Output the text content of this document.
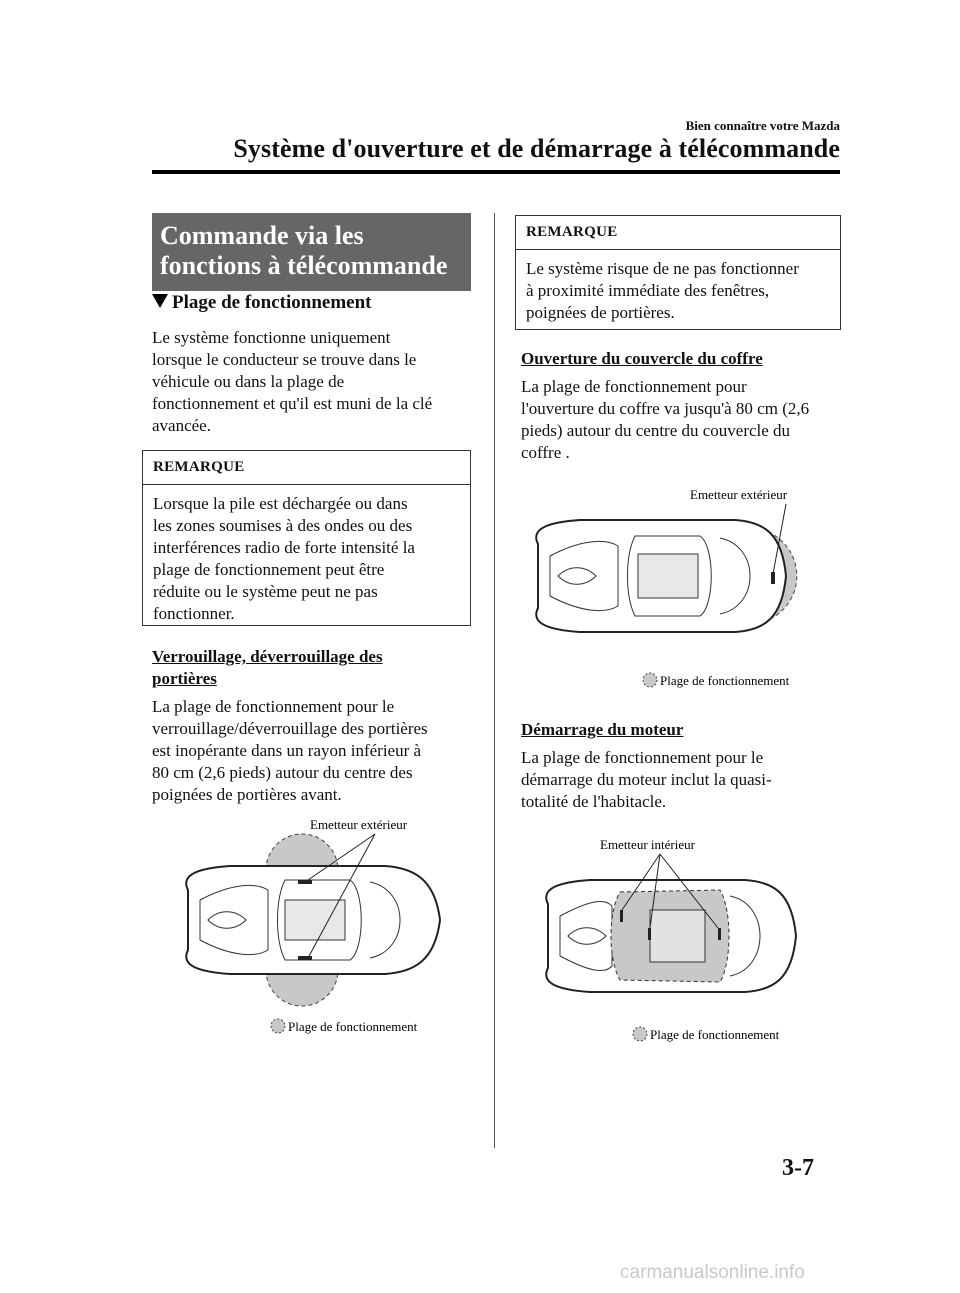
Bien connaître votre Mazda
Système d'ouverture et de démarrage à télécommande
Commande via les
fonctions à télécommande
Plage de fonctionnement
Le système fonctionne uniquement
lorsque le conducteur se trouve dans le
véhicule ou dans la plage de
fonctionnement et qu'il est muni de la clé
avancée.
REMARQUE
Lorsque la pile est déchargée ou dans
les zones soumises à des ondes ou des
interférences radio de forte intensité la
plage de fonctionnement peut être
réduite ou le système peut ne pas
fonctionner.
Verrouillage, déverrouillage des
portières
La plage de fonctionnement pour le
verrouillage/déverrouillage des portières
est inopérante dans un rayon inférieur à
80 cm (2,6 pieds) autour du centre des
poignées de portières avant.
Emetteur extérieur
Plage de fonctionnement
REMARQUE
Le système risque de ne pas fonctionner
à proximité immédiate des fenêtres,
poignées de portières.
Ouverture du couvercle du coffre
La plage de fonctionnement pour
l'ouverture du coffre va jusqu'à 80 cm (2,6
pieds) autour du centre du couvercle du
coffre .
Emetteur extérieur
Plage de fonctionnement
Démarrage du moteur
La plage de fonctionnement pour le
démarrage du moteur inclut la quasi-
totalité de l'habitacle.
Emetteur intérieur
Plage de fonctionnement
3-7
carmanualsonline.info
